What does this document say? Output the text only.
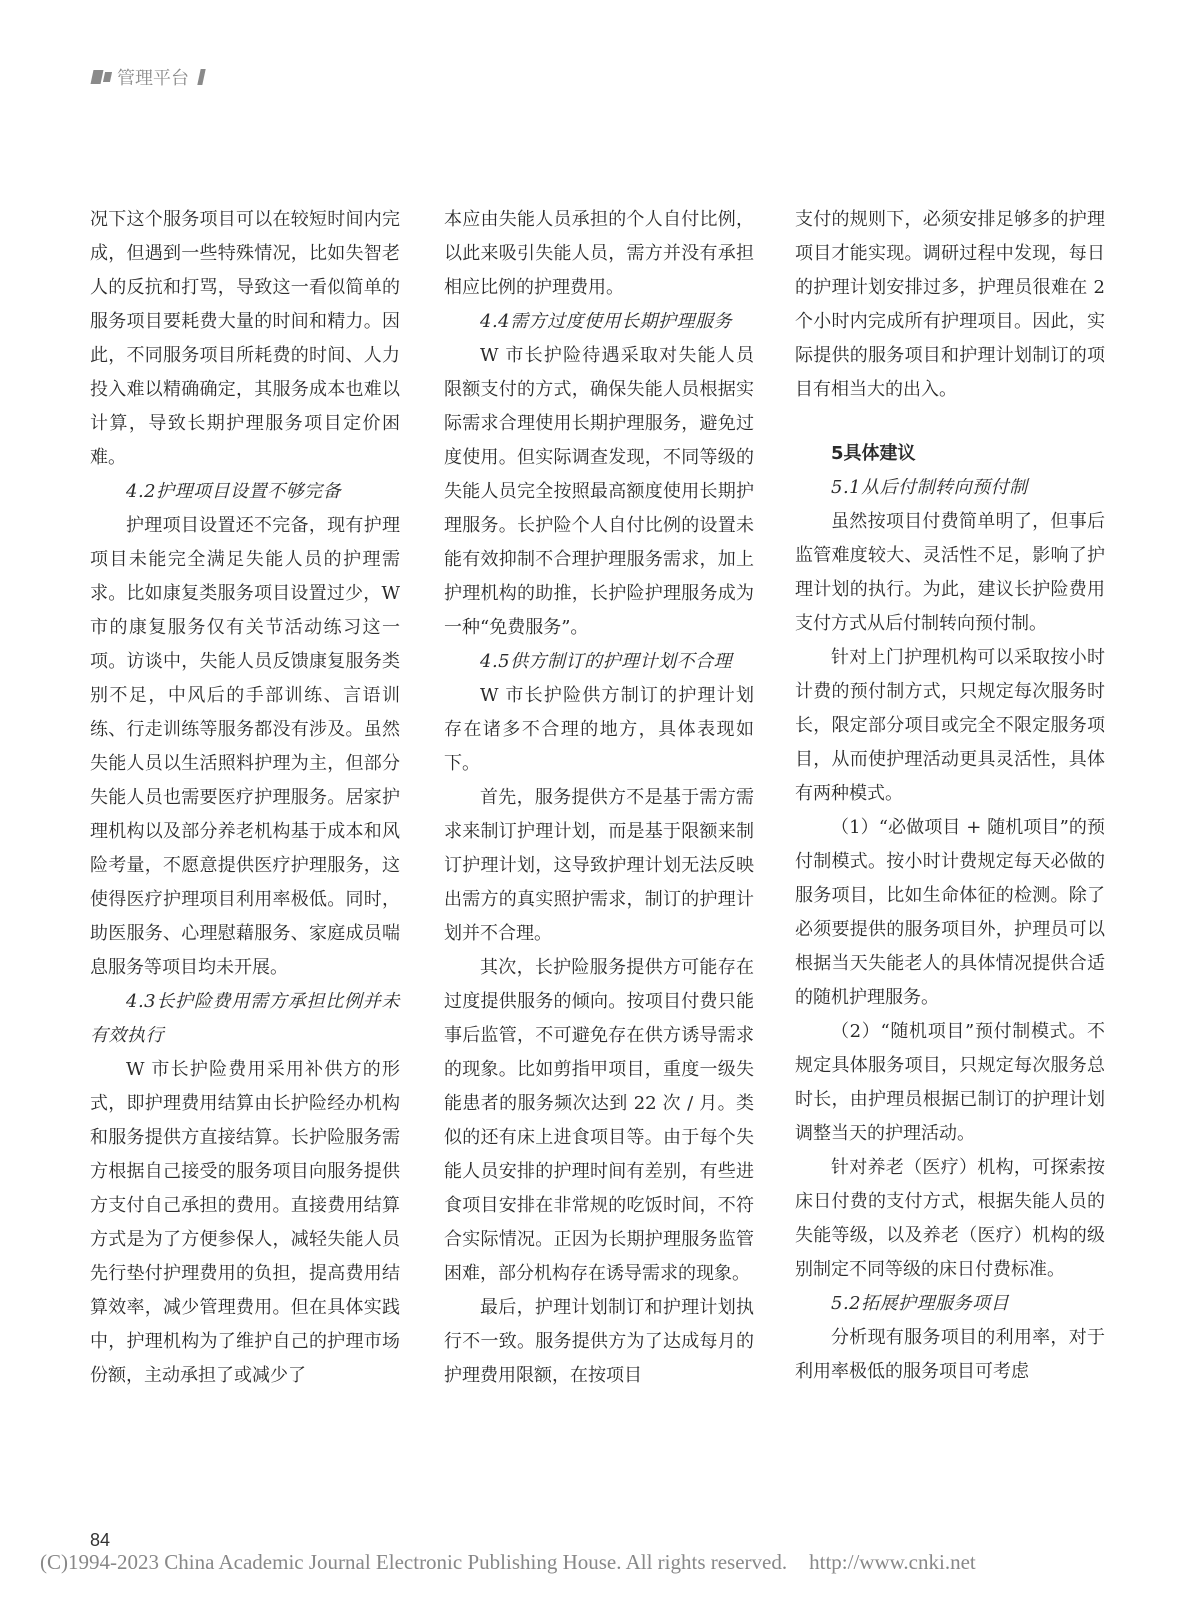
管理平台

况下这个服务项目可以在较短时间内完成，但遇到一些特殊情况，比如失智老人的反抗和打骂，导致这一看似简单的服务项目要耗费大量的时间和精力。因此，不同服务项目所耗费的时间、人力投入难以精确确定，其服务成本也难以计算，导致长期护理服务项目定价困难。

4.2护理项目设置不够完备

护理项目设置还不完备，现有护理项目未能完全满足失能人员的护理需求。比如康复类服务项目设置过少，W 市的康复服务仅有关节活动练习这一项。访谈中，失能人员反馈康复服务类别不足，中风后的手部训练、言语训练、行走训练等服务都没有涉及。虽然失能人员以生活照料护理为主，但部分失能人员也需要医疗护理服务。居家护理机构以及部分养老机构基于成本和风险考量，不愿意提供医疗护理服务，这使得医疗护理项目利用率极低。同时，助医服务、心理慰藉服务、家庭成员喘息服务等项目均未开展。

4.3长护险费用需方承担比例并未有效执行

W 市长护险费用采用补供方的形式，即护理费用结算由长护险经办机构和服务提供方直接结算。长护险服务需方根据自己接受的服务项目向服务提供方支付自己承担的费用。直接费用结算方式是为了方便参保人，减轻失能人员先行垫付护理费用的负担，提高费用结算效率，减少管理费用。但在具体实践中，护理机构为了维护自己的护理市场份额，主动承担了或减少了

本应由失能人员承担的个人自付比例，以此来吸引失能人员，需方并没有承担相应比例的护理费用。

4.4需方过度使用长期护理服务

W 市长护险待遇采取对失能人员限额支付的方式，确保失能人员根据实际需求合理使用长期护理服务，避免过度使用。但实际调查发现，不同等级的失能人员完全按照最高额度使用长期护理服务。长护险个人自付比例的设置未能有效抑制不合理护理服务需求，加上护理机构的助推，长护险护理服务成为一种“免费服务”。

4.5供方制订的护理计划不合理

W 市长护险供方制订的护理计划存在诸多不合理的地方，具体表现如下。

首先，服务提供方不是基于需方需求来制订护理计划，而是基于限额来制订护理计划，这导致护理计划无法反映出需方的真实照护需求，制订的护理计划并不合理。

其次，长护险服务提供方可能存在过度提供服务的倾向。按项目付费只能事后监管，不可避免存在供方诱导需求的现象。比如剪指甲项目，重度一级失能患者的服务频次达到 22 次 / 月。类似的还有床上进食项目等。由于每个失能人员安排的护理时间有差别，有些进食项目安排在非常规的吃饭时间，不符合实际情况。正因为长期护理服务监管困难，部分机构存在诱导需求的现象。

最后，护理计划制订和护理计划执行不一致。服务提供方为了达成每月的护理费用限额，在按项目

支付的规则下，必须安排足够多的护理项目才能实现。调研过程中发现，每日的护理计划安排过多，护理员很难在 2 个小时内完成所有护理项目。因此，实际提供的服务项目和护理计划制订的项目有相当大的出入。

5具体建议

5.1从后付制转向预付制

虽然按项目付费简单明了，但事后监管难度较大、灵活性不足，影响了护理计划的执行。为此，建议长护险费用支付方式从后付制转向预付制。

针对上门护理机构可以采取按小时计费的预付制方式，只规定每次服务时长，限定部分项目或完全不限定服务项目，从而使护理活动更具灵活性，具体有两种模式。

（1）“必做项目 + 随机项目”的预付制模式。按小时计费规定每天必做的服务项目，比如生命体征的检测。除了必须要提供的服务项目外，护理员可以根据当天失能老人的具体情况提供合适的随机护理服务。

（2）“随机项目”预付制模式。不规定具体服务项目，只规定每次服务总时长，由护理员根据已制订的护理计划调整当天的护理活动。

针对养老（医疗）机构，可探索按床日付费的支付方式，根据失能人员的失能等级，以及养老（医疗）机构的级别制定不同等级的床日付费标准。

5.2拓展护理服务项目

分析现有服务项目的利用率，对于利用率极低的服务项目可考虑

84
(C)1994-2023 China Academic Journal Electronic Publishing House. All rights reserved. http://www.cnki.net
